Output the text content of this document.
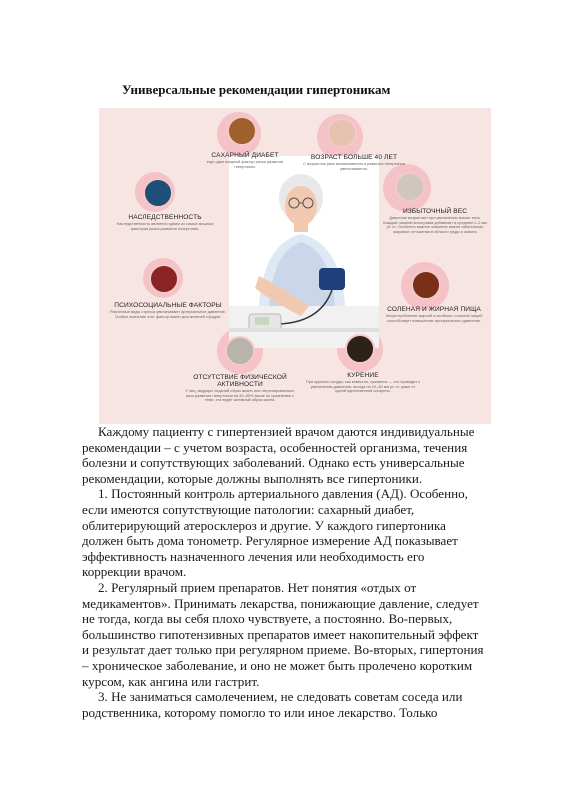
Универсальные рекомендации гипертоникам
САХАРНЫЙ ДИАБЕТ
еще один мощный фактор риска развития гипертонии.
ВОЗРАСТ БОЛЬШЕ 40 ЛЕТ
С возрастом риск возникновения и развития гипертонии увеличивается.
НАСЛЕДСТВЕННОСТЬ
Наследственность является одним из самых мощных факторов риска развития гипертонии.
ИЗБЫТОЧНЫЙ ВЕС
Давление возрастает при увеличении массы тела. Каждый лишний килограмм добавляет в среднем 1–2 мм рт. ст. Особенно важное значение имеют избыточные жировые отложения в области груди и живота
ПСИХОСОЦИАЛЬНЫЕ ФАКТОРЫ
Различные виды стресса увеличивают артериальное давление. Особое значение этот фактор имеет для жителей городов.
СОЛЕНАЯ И ЖИРНАЯ ПИЩА
Злоупотребление жирной и особенно соленой пищей способствует повышению артериального давления.
ОТСУТСТВИЕ ФИЗИЧЕСКОЙ АКТИВНОСТИ
У лиц, ведущих сидячий образ жизни или нетренированных, риск развития гипертонии на 20–50% выше по сравнению с теми, кто ведет активный образ жизни.
КУРЕНИЕ
При курении сосуды, как известно, сужаются — это приводит к увеличению давления, иногда на 10–30 мм рт. ст. даже от одной единственной сигареты.

Каждому пациенту с гипертензией врачом даются индивидуальные рекомендации – с учетом возраста, особенностей организма, течения болезни и сопутствующих заболеваний. Однако есть универсальные рекомендации, которые должны выполнять все гипертоники.

1. Постоянный контроль артериального давления (АД). Особенно, если имеются сопутствующие патологии: сахарный диабет, облитерирующий атеросклероз и другие. У каждого гипертоника должен быть дома тонометр. Регулярное измерение АД показывает эффективность назначенного лечения или необходимость его коррекции врачом.

2. Регулярный прием препаратов. Нет понятия «отдых от медикаментов». Принимать лекарства, понижающие давление, следует не тогда, когда вы себя плохо чувствуете, а постоянно. Во-первых, большинство гипотензивных препаратов имеет накопительный эффект и результат дает только при регулярном приеме. Во-вторых, гипертония – хроническое заболевание, и оно не может быть пролечено коротким курсом, как ангина или гастрит.

3. Не заниматься самолечением, не следовать советам соседа или родственника, которому помогло то или иное лекарство. Только
